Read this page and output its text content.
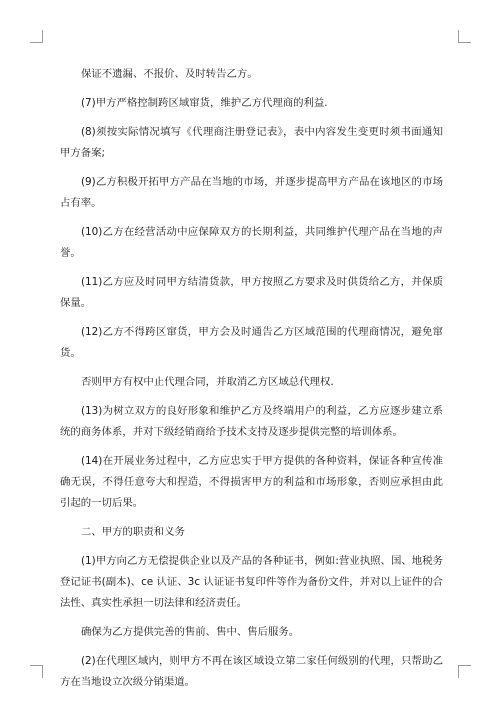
保证不遗漏、不报价、及时转告乙方。

(7)甲方严格控制跨区域窜货，维护乙方代理商的利益.

(8)须按实际情况填写《代理商注册登记表》，表中内容发生变更时须书面通知甲方备案;

(9)乙方积极开拓甲方产品在当地的市场，并逐步提高甲方产品在该地区的市场占有率。

(10)乙方在经营活动中应保障双方的长期利益，共同维护代理产品在当地的声誉。

(11)乙方应及时同甲方结清货款，甲方按照乙方要求及时供货给乙方，并保质保量。

(12)乙方不得跨区窜货，甲方会及时通告乙方区域范围的代理商情况，避免窜货。

否则甲方有权中止代理合同，并取消乙方区域总代理权.

(13)为树立双方的良好形象和维护乙方及终端用户的利益，乙方应逐步建立系统的商务体系，并对下级经销商给予技术支持及逐步提供完整的培训体系。

(14)在开展业务过程中，乙方应忠实于甲方提供的各种资料，保证各种宣传准确无误，不得任意夸大和捏造，不得损害甲方的利益和市场形象，否则应承担由此引起的一切后果。

二、甲方的职责和义务

(1)甲方向乙方无偿提供企业以及产品的各种证书，例如:营业执照、国、地税务登记证书(副本)、ce 认证、3c 认证证书复印件等作为备份文件，并对以上证件的合法性、真实性承担一切法律和经济责任。

确保为乙方提供完善的售前、售中、售后服务。

(2)在代理区域内，则甲方不再在该区域设立第二家任何级别的代理，只帮助乙方在当地设立次级分销渠道。
